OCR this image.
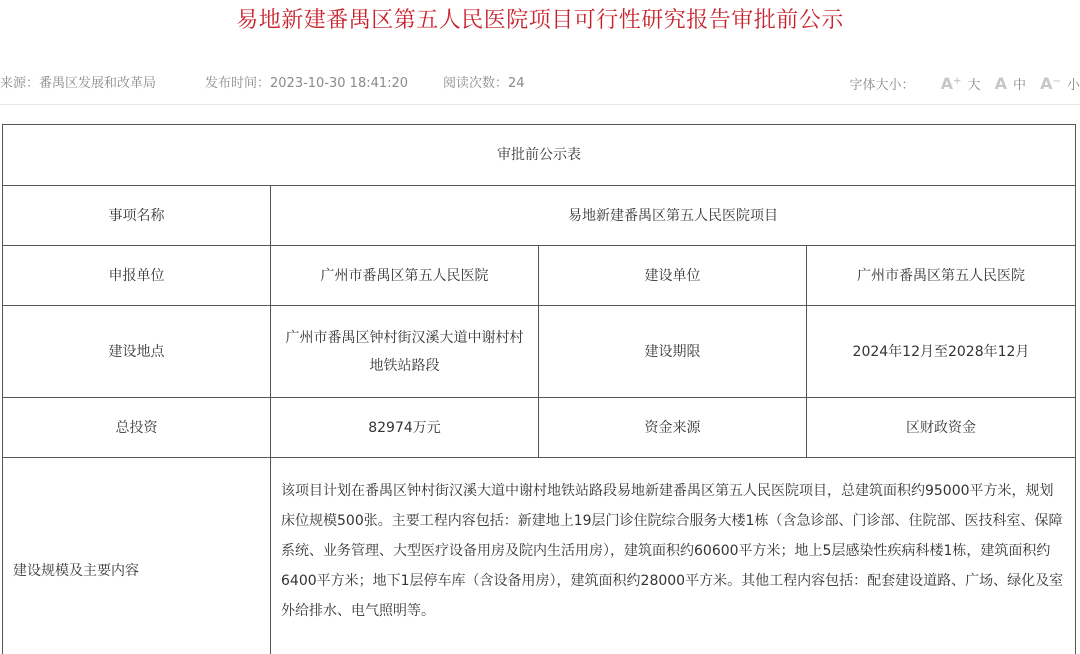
易地新建番禺区第五人民医院项目可行性研究报告审批前公示
来源：番禺区发展和改革局	发布时间：2023-10-30 18:41:20	阅读次数：24	字体大小： A⁺ 大 A 中 A⁻ 小
审批前公示表			
事项名称	易地新建番禺区第五人民医院项目		
申报单位	广州市番禺区第五人民医院	建设单位	广州市番禺区第五人民医院
建设地点	广州市番禺区钟村街汉溪大道中谢村村地铁站路段	建设期限	2024年12月至2028年12月
总投资	82974万元	资金来源	区财政资金
建设规模及主要内容	该项目计划在番禺区钟村街汉溪大道中谢村地铁站路段易地新建番禺区第五人民医院项目，总建筑面积约95000平方米，规划床位规模500张。主要工程内容包括：新建地上19层门诊住院综合服务大楼1栋（含急诊部、门诊部、住院部、医技科室、保障系统、业务管理、大型医疗设备用房及院内生活用房），建筑面积约60600平方米；地上5层感染性疾病科楼1栋，建筑面积约6400平方米；地下1层停车库（含设备用房），建筑面积约28000平方米。其他工程内容包括：配套建设道路、广场、绿化及室外给排水、电气照明等。		
